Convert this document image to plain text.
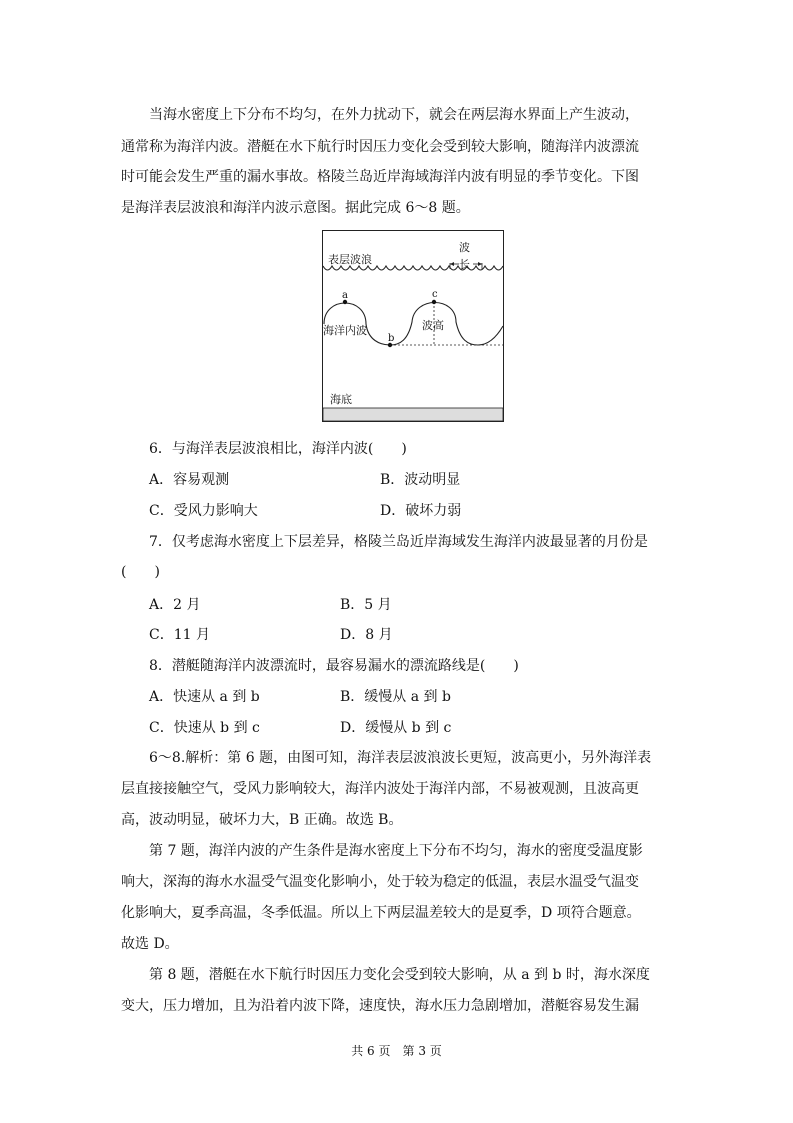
当海水密度上下分布不均匀，在外力扰动下，就会在两层海水界面上产生波动，
通常称为海洋内波。潜艇在水下航行时因压力变化会受到较大影响，随海洋内波漂流
时可能会发生严重的漏水事故。格陵兰岛近岸海域海洋内波有明显的季节变化。下图
是海洋表层波浪和海洋内波示意图。据此完成 6～8 题。
表层波浪
波
长
a
b
c
海洋内波	波高
海底
6．与海洋表层波浪相比，海洋内波(　　)
A．容易观测	B．波动明显
C．受风力影响大	D．破坏力弱
7．仅考虑海水密度上下层差异，格陵兰岛近岸海域发生海洋内波最显著的月份是
(　　)
A．2 月	B．5 月
C．11 月	D．8 月
8．潜艇随海洋内波漂流时，最容易漏水的漂流路线是(　　)
A．快速从 a 到 b	B．缓慢从 a 到 b
C．快速从 b 到 c	D．缓慢从 b 到 c
6～8.解析：第 6 题，由图可知，海洋表层波浪波长更短，波高更小，另外海洋表
层直接接触空气，受风力影响较大，海洋内波处于海洋内部，不易被观测，且波高更
高，波动明显，破坏力大，B 正确。故选 B。
第 7 题，海洋内波的产生条件是海水密度上下分布不均匀，海水的密度受温度影
响大，深海的海水水温受气温变化影响小，处于较为稳定的低温，表层水温受气温变
化影响大，夏季高温，冬季低温。所以上下两层温差较大的是夏季，D 项符合题意。
故选 D。
第 8 题，潜艇在水下航行时因压力变化会受到较大影响，从 a 到 b 时，海水深度
变大，压力增加，且为沿着内波下降，速度快，海水压力急剧增加，潜艇容易发生漏
共 6 页　第 3 页
